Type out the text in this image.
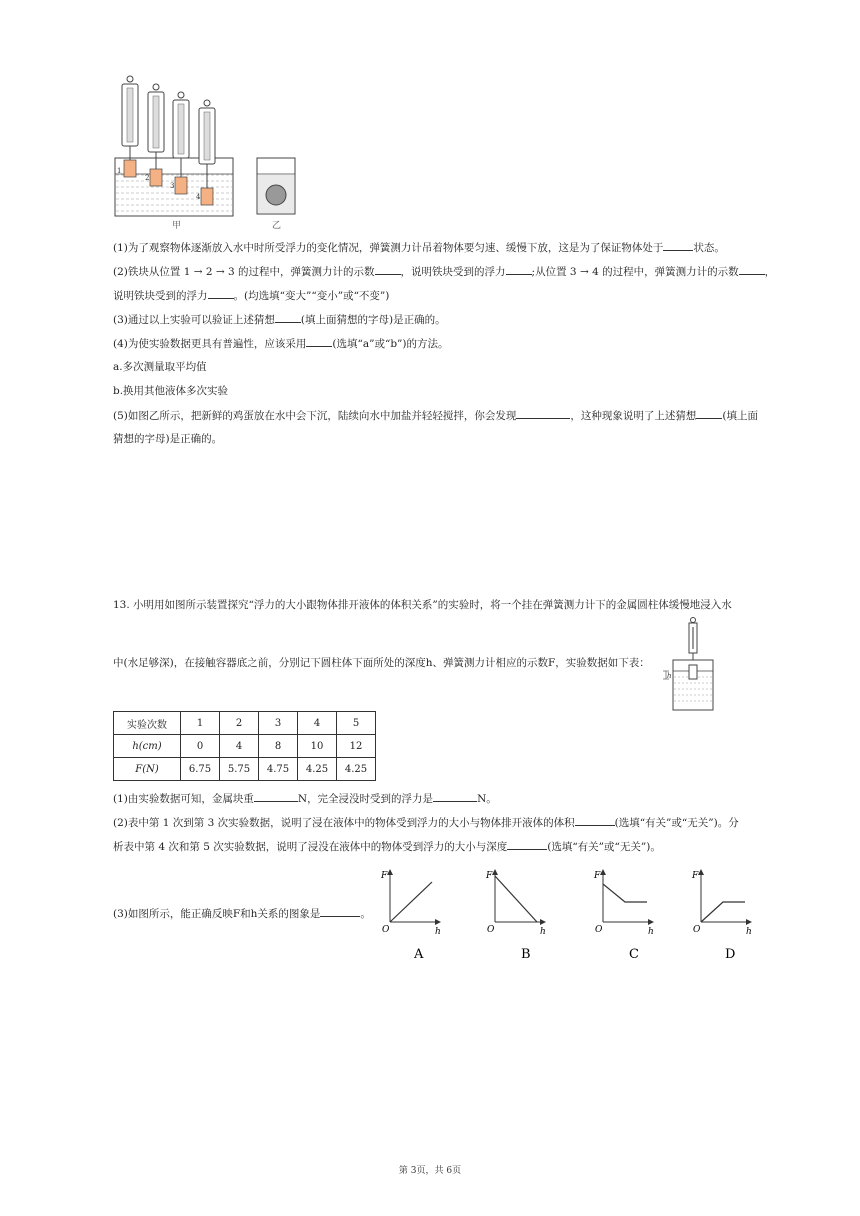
1
2
3
4
甲	乙
(1)为了观察物体逐渐放入水中时所受浮力的变化情况，弹簧测力计吊着物体要匀速、缓慢下放，这是为了保证物体处于	状态。
(2)铁块从位置 1 → 2 → 3 的过程中，弹簧测力计的示数 ，说明铁块受到的浮力 ;从位置 3 → 4 的过程中，弹簧测力计的示数 ，
说明铁块受到的浮力 。(均选填“变大”“变小”或“不变”)
(3)通过以上实验可以验证上述猜想 (填上面猜想的字母)是正确的。
(4)为使实验数据更具有普遍性，应该采用 (选填“a”或“b”)的方法。
a.多次测量取平均值
b.换用其他液体多次实验
(5)如图乙所示，把新鲜的鸡蛋放在水中会下沉，陆续向水中加盐并轻轻搅拌，你会发现	，这种现象说明了上述猜想 (填上面
猜想的字母)是正确的。
13. 小明用如图所示装置探究“浮力的大小跟物体排开液体的体积关系”的实验时，将一个挂在弹簧测力计下的金属圆柱体缓慢地浸入水
中(水足够深)，在接触容器底之前，分别记下圆柱体下面所处的深度h、弹簧测力计相应的示数F，实验数据如下表：
h
实验次数	1	2	3	4	5
h(cm)	0	4	8	10	12
F(N)	6.75	5.75	4.75	4.25	4.25
(1)由实验数据可知，金属块重	N，完全浸没时受到的浮力是	N。
(2)表中第 1 次到第 3 次实验数据，说明了浸在液体中的物体受到浮力的大小与物体排开液体的体积	(选填“有关”或“无关”)。分
析表中第 4 次和第 5 次实验数据，说明了浸没在液体中的物体受到浮力的大小与深度	(选填“有关”或“无关”)。
(3)如图所示，能正确反映F和h关系的图象是	。
F
O	h
A
F
O	h
B
F
O	h
C
F
O	h
D
第 3页，共 6页
